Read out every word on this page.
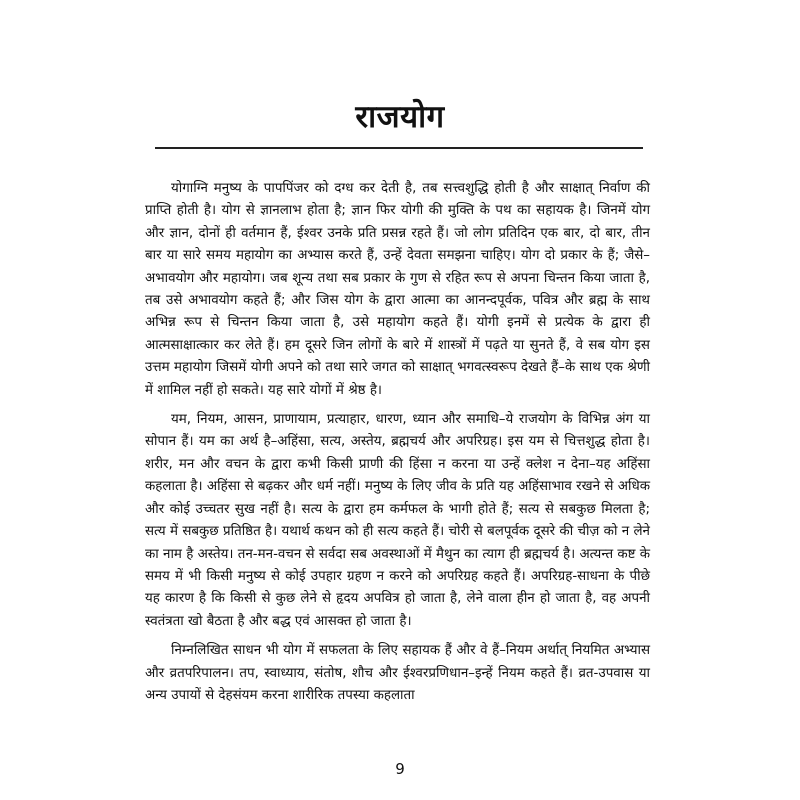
राजयोग

योगाग्नि मनुष्य के पापपिंजर को दग्ध कर देती है, तब सत्त्वशुद्धि होती है और साक्षात् निर्वाण की प्राप्ति होती है। योग से ज्ञानलाभ होता है; ज्ञान फिर योगी की मुक्ति के पथ का सहायक है। जिनमें योग और ज्ञान, दोनों ही वर्तमान हैं, ईश्वर उनके प्रति प्रसन्न रहते हैं। जो लोग प्रतिदिन एक बार, दो बार, तीन बार या सारे समय महायोग का अभ्यास करते हैं, उन्हें देवता समझना चाहिए। योग दो प्रकार के हैं; जैसे–अभावयोग और महायोग। जब शून्य तथा सब प्रकार के गुण से रहित रूप से अपना चिन्तन किया जाता है, तब उसे अभावयोग कहते हैं; और जिस योग के द्वारा आत्मा का आनन्दपूर्वक, पवित्र और ब्रह्म के साथ अभिन्न रूप से चिन्तन किया जाता है, उसे महायोग कहते हैं। योगी इनमें से प्रत्येक के द्वारा ही आत्मसाक्षात्कार कर लेते हैं। हम दूसरे जिन लोगों के बारे में शास्त्रों में पढ़ते या सुनते हैं, वे सब योग इस उत्तम महायोग जिसमें योगी अपने को तथा सारे जगत को साक्षात् भगवत्स्वरूप देखते हैं–के साथ एक श्रेणी में शामिल नहीं हो सकते। यह सारे योगों में श्रेष्ठ है।

यम, नियम, आसन, प्राणायाम, प्रत्याहार, धारण, ध्यान और समाधि–ये राजयोग के विभिन्न अंग या सोपान हैं। यम का अर्थ है–अहिंसा, सत्य, अस्तेय, ब्रह्मचर्य और अपरिग्रह। इस यम से चित्तशुद्ध होता है। शरीर, मन और वचन के द्वारा कभी किसी प्राणी की हिंसा न करना या उन्हें क्लेश न देना–यह अहिंसा कहलाता है। अहिंसा से बढ़कर और धर्म नहीं। मनुष्य के लिए जीव के प्रति यह अहिंसाभाव रखने से अधिक और कोई उच्चतर सुख नहीं है। सत्य के द्वारा हम कर्मफल के भागी होते हैं; सत्य से सबकुछ मिलता है; सत्य में सबकुछ प्रतिष्ठित है। यथार्थ कथन को ही सत्य कहते हैं। चोरी से बलपूर्वक दूसरे की चीज़ को न लेने का नाम है अस्तेय। तन-मन-वचन से सर्वदा सब अवस्थाओं में मैथुन का त्याग ही ब्रह्मचर्य है। अत्यन्त कष्ट के समय में भी किसी मनुष्य से कोई उपहार ग्रहण न करने को अपरिग्रह कहते हैं। अपरिग्रह-साधना के पीछे यह कारण है कि किसी से कुछ लेने से हृदय अपवित्र हो जाता है, लेने वाला हीन हो जाता है, वह अपनी स्वतंत्रता खो बैठता है और बद्ध एवं आसक्त हो जाता है।

निम्नलिखित साधन भी योग में सफलता के लिए सहायक हैं और वे हैं–नियम अर्थात् नियमित अभ्यास और व्रतपरिपालन। तप, स्वाध्याय, संतोष, शौच और ईश्वरप्रणिधान–इन्हें नियम कहते हैं। व्रत-उपवास या अन्य उपायों से देहसंयम करना शारीरिक तपस्या कहलाता

9
